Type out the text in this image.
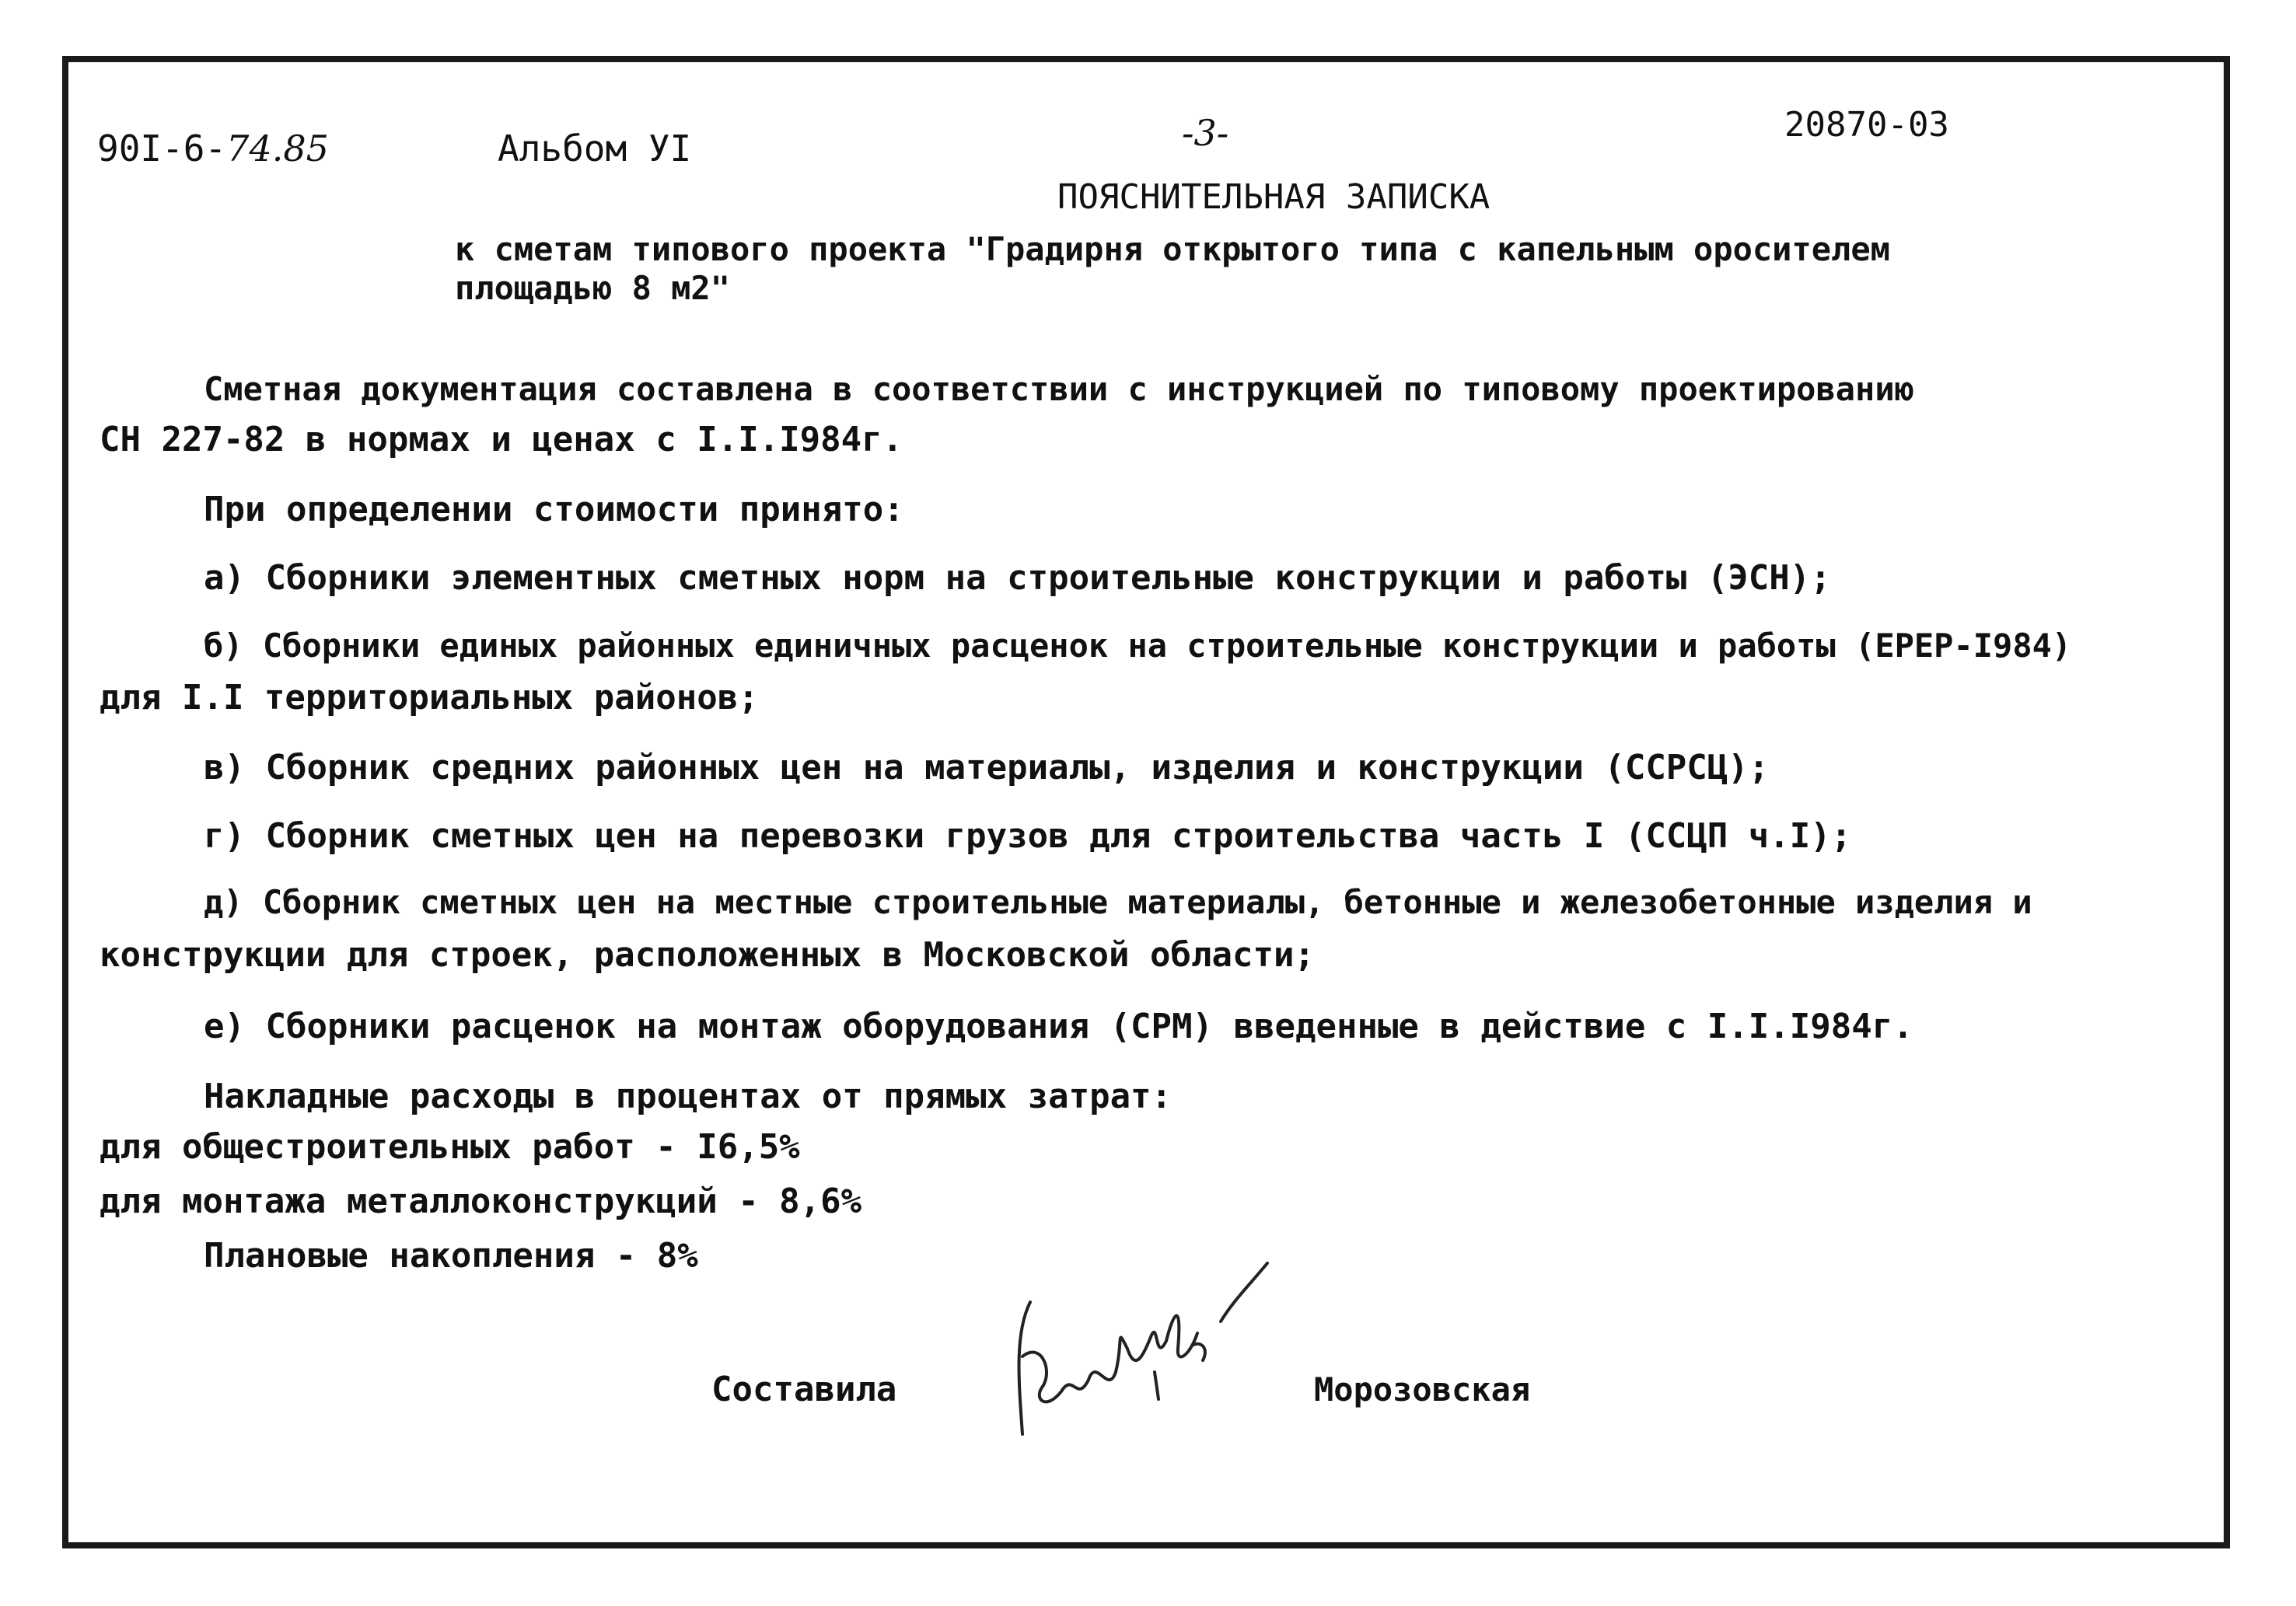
90I-6-74.85	Альбом УI	-3-	20870-03
ПОЯСНИТЕЛЬНАЯ ЗАПИСКА
к сметам типового проекта "Градирня открытого типа с капельным оросителем
площадью 8 м2"
Сметная документация составлена в соответствии с инструкцией по типовому проектированию
СН 227-82 в нормах и ценах с I.I.I984г.
При определении стоимости принято:
а) Сборники элементных сметных норм на строительные конструкции и работы (ЭСН);
б) Сборники единых районных единичных расценок на строительные конструкции и работы (ЕРЕР-I984)
для I.I территориальных районов;
в) Сборник средних районных цен на материалы, изделия и конструкции (ССРСЦ);
г) Сборник сметных цен на перевозки грузов для строительства часть I (ССЦП ч.I);
д) Сборник сметных цен на местные строительные материалы, бетонные и железобетонные изделия и
конструкции для строек, расположенных в Московской области;
е) Сборники расценок на монтаж оборудования (СРМ) введенные в действие с I.I.I984г.
Накладные расходы в процентах от прямых затрат:
для общестроительных работ - I6,5%
для монтажа металлоконструкций - 8,6%
Плановые накопления - 8%
Составила	Морозовская
